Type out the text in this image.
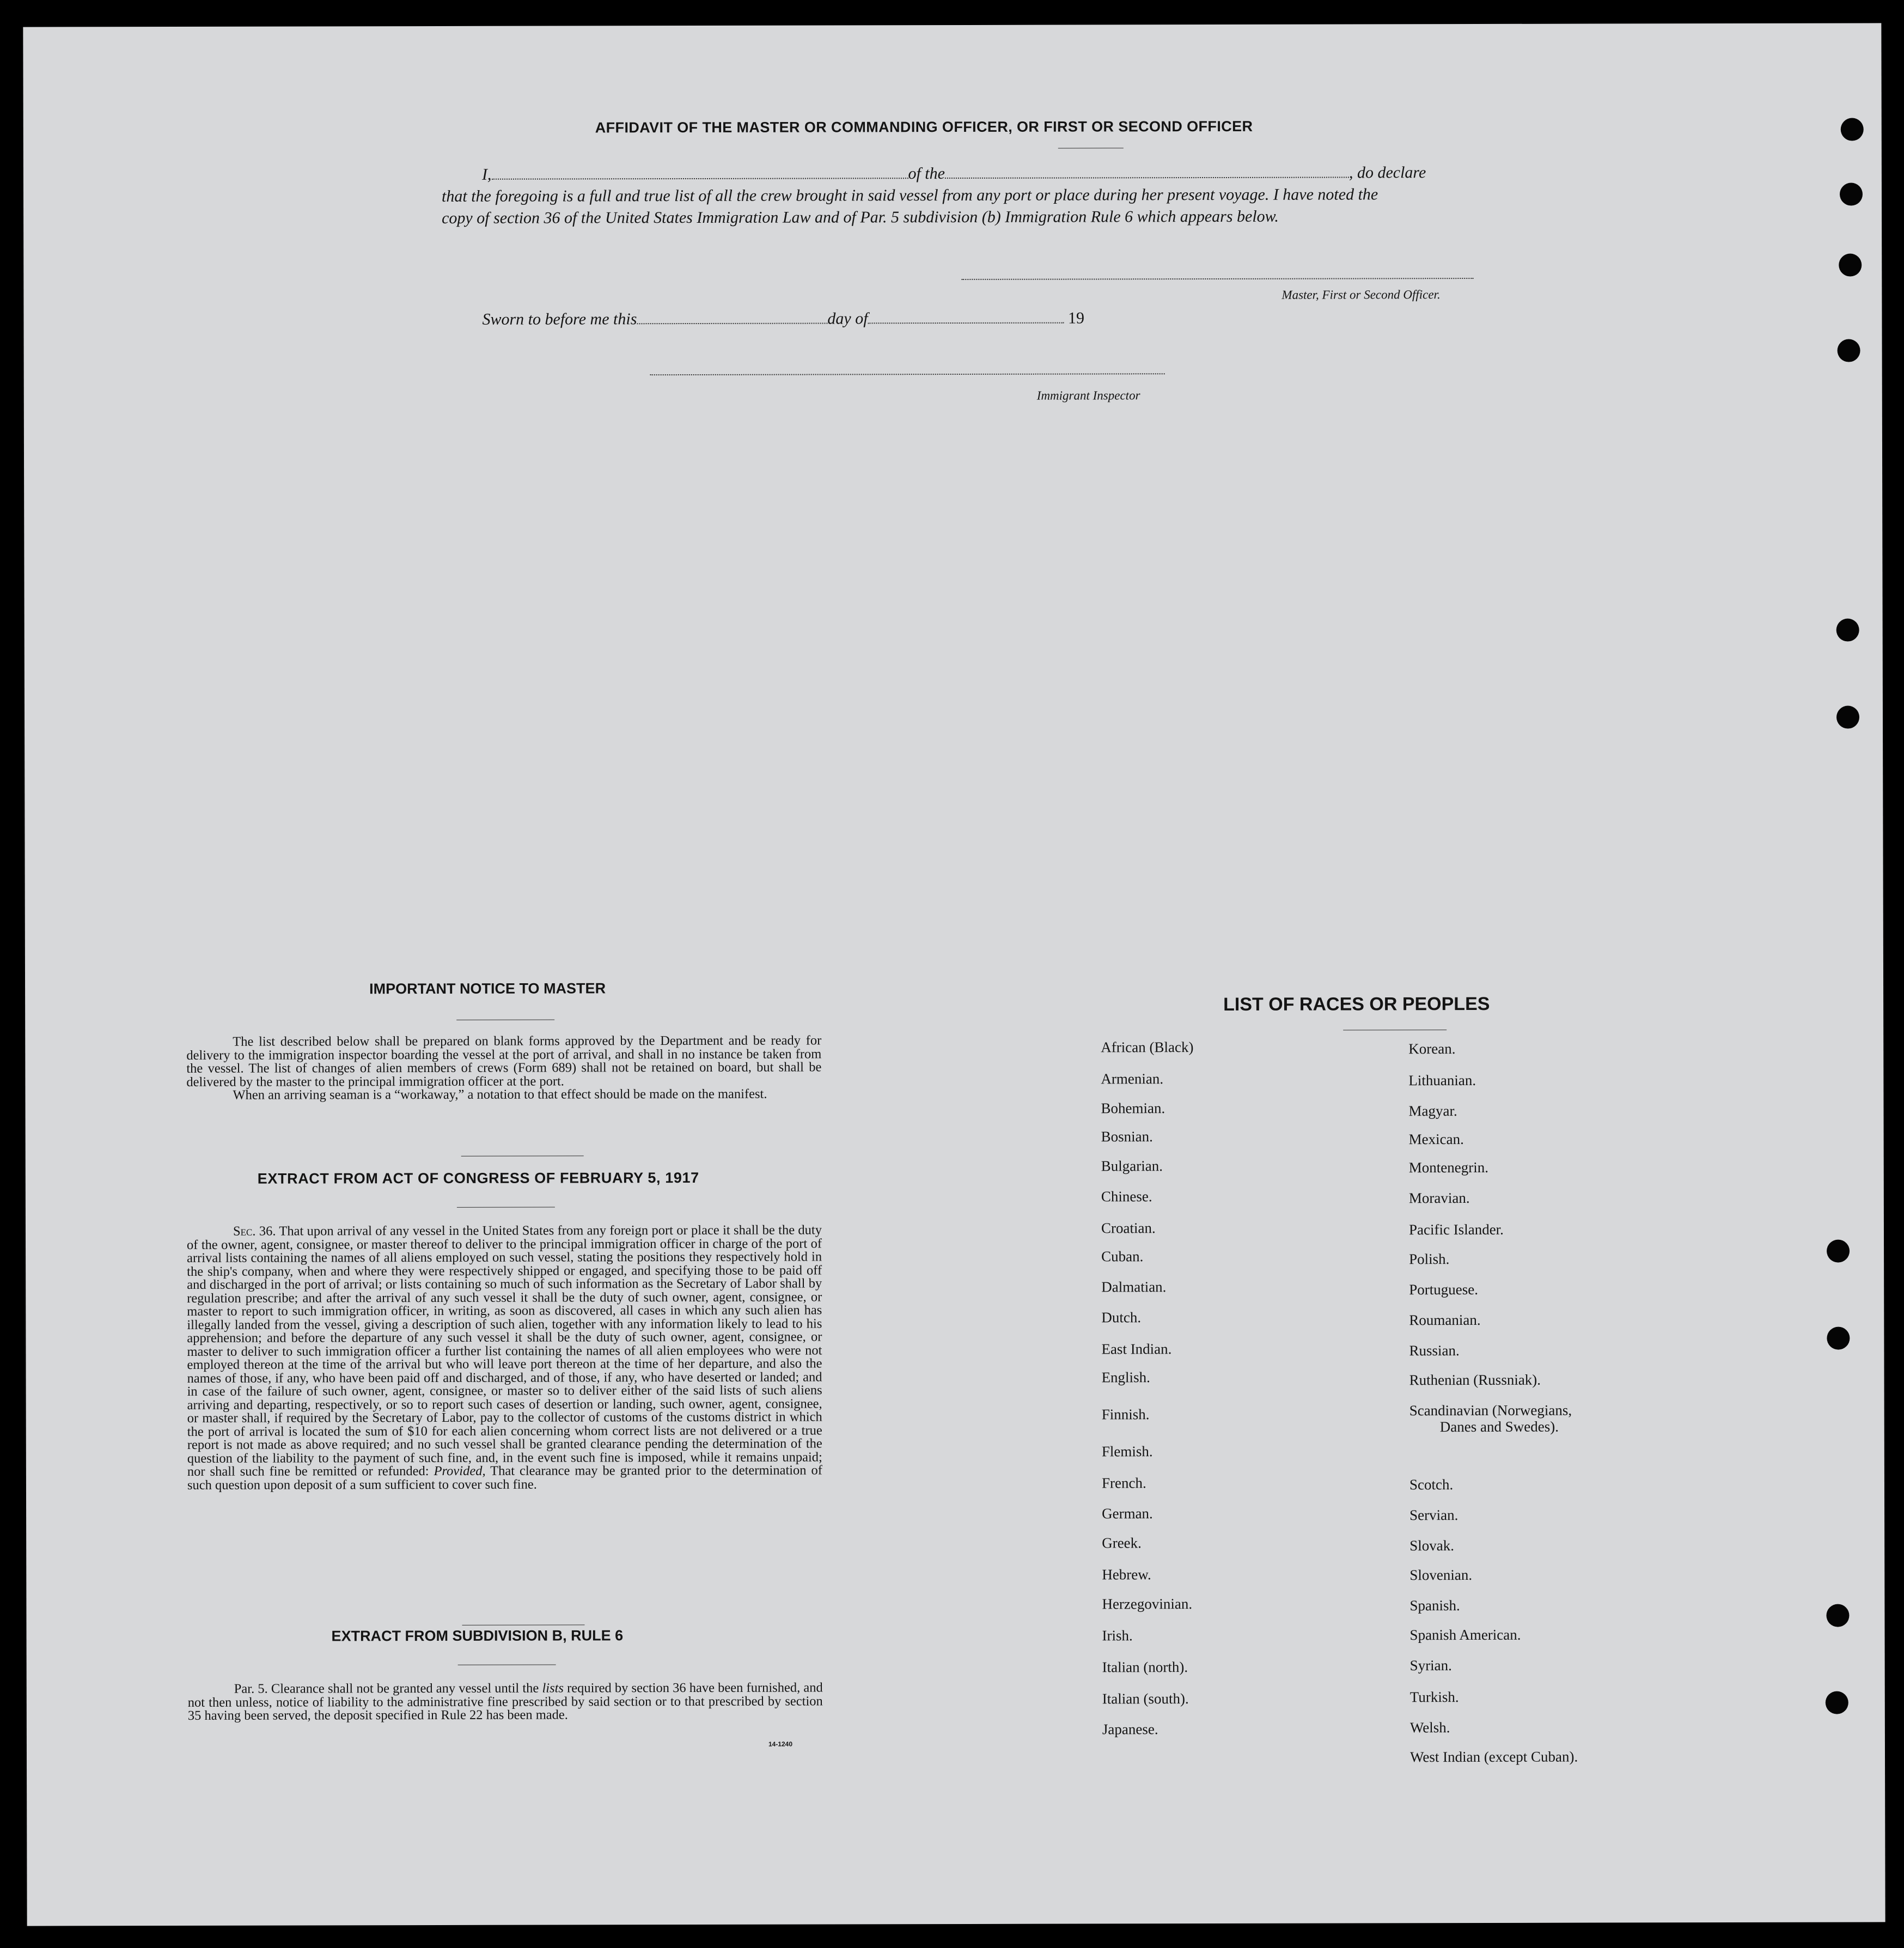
AFFIDAVIT OF THE MASTER OR COMMANDING OFFICER, OR FIRST OR SECOND OFFICER
I,	of the	, do declare
that the foregoing is a full and true list of all the crew brought in said vessel from any port or place during her present voyage. I have noted the
copy of section 36 of the United States Immigration Law and of Par. 5 subdivision (b) Immigration Rule 6 which appears below.
Master, First or Second Officer.
Sworn to before me this	day of	19
Immigrant Inspector
IMPORTANT NOTICE TO MASTER
The list described below shall be prepared on blank forms approved by the Department and be ready for delivery to the immigration inspector boarding the vessel at the port of arrival, and shall in no instance be taken from the vessel. The list of changes of alien members of crews (Form 689) shall not be retained on board, but shall be delivered by the master to the principal immigration officer at the port.
When an arriving seaman is a “workaway,” a notation to that effect should be made on the manifest.
EXTRACT FROM ACT OF CONGRESS OF FEBRUARY 5, 1917
Sec. 36. That upon arrival of any vessel in the United States from any foreign port or place it shall be the duty of the owner, agent, consignee, or master thereof to deliver to the principal immigration officer in charge of the port of arrival lists containing the names of all aliens employed on such vessel, stating the positions they respectively hold in the ship's company, when and where they were respectively shipped or engaged, and specifying those to be paid off and discharged in the port of arrival; or lists containing so much of such information as the Secretary of Labor shall by regulation prescribe; and after the arrival of any such vessel it shall be the duty of such owner, agent, consignee, or master to report to such immigration officer, in writing, as soon as discovered, all cases in which any such alien has illegally landed from the vessel, giving a description of such alien, together with any information likely to lead to his apprehension; and before the departure of any such vessel it shall be the duty of such owner, agent, consignee, or master to deliver to such immigration officer a further list containing the names of all alien employees who were not employed thereon at the time of the arrival but who will leave port thereon at the time of her departure, and also the names of those, if any, who have been paid off and discharged, and of those, if any, who have deserted or landed; and in case of the failure of such owner, agent, consignee, or master so to deliver either of the said lists of such aliens arriving and departing, respectively, or so to report such cases of desertion or landing, such owner, agent, consignee, or master shall, if required by the Secretary of Labor, pay to the collector of customs of the customs district in which the port of arrival is located the sum of $10 for each alien concerning whom correct lists are not delivered or a true report is not made as above required; and no such vessel shall be granted clearance pending the determination of the question of the liability to the payment of such fine, and, in the event such fine is imposed, while it remains unpaid; nor shall such fine be remitted or refunded: Provided, That clearance may be granted prior to the determination of such question upon deposit of a sum sufficient to cover such fine.
EXTRACT FROM SUBDIVISION B, RULE 6
Par. 5. Clearance shall not be granted any vessel until the lists required by section 36 have been furnished, and not then unless, notice of liability to the administrative fine prescribed by said section or to that prescribed by section 35 having been served, the deposit specified in Rule 22 has been made.
14-1240
LIST OF RACES OR PEOPLES
African (Black)
Armenian.
Bohemian.
Bosnian.
Bulgarian.
Chinese.
Croatian.
Cuban.
Dalmatian.
Dutch.
East Indian.
English.
Finnish.
Flemish.
French.
German.
Greek.
Hebrew.
Herzegovinian.
Irish.
Italian (north).
Italian (south).
Japanese.
Korean.
Lithuanian.
Magyar.
Mexican.
Montenegrin.
Moravian.
Pacific Islander.
Polish.
Portuguese.
Roumanian.
Russian.
Ruthenian (Russniak).
Scandinavian (Norwegians,
Danes and Swedes).
Scotch.
Servian.
Slovak.
Slovenian.
Spanish.
Spanish American.
Syrian.
Turkish.
Welsh.
West Indian (except Cuban).
